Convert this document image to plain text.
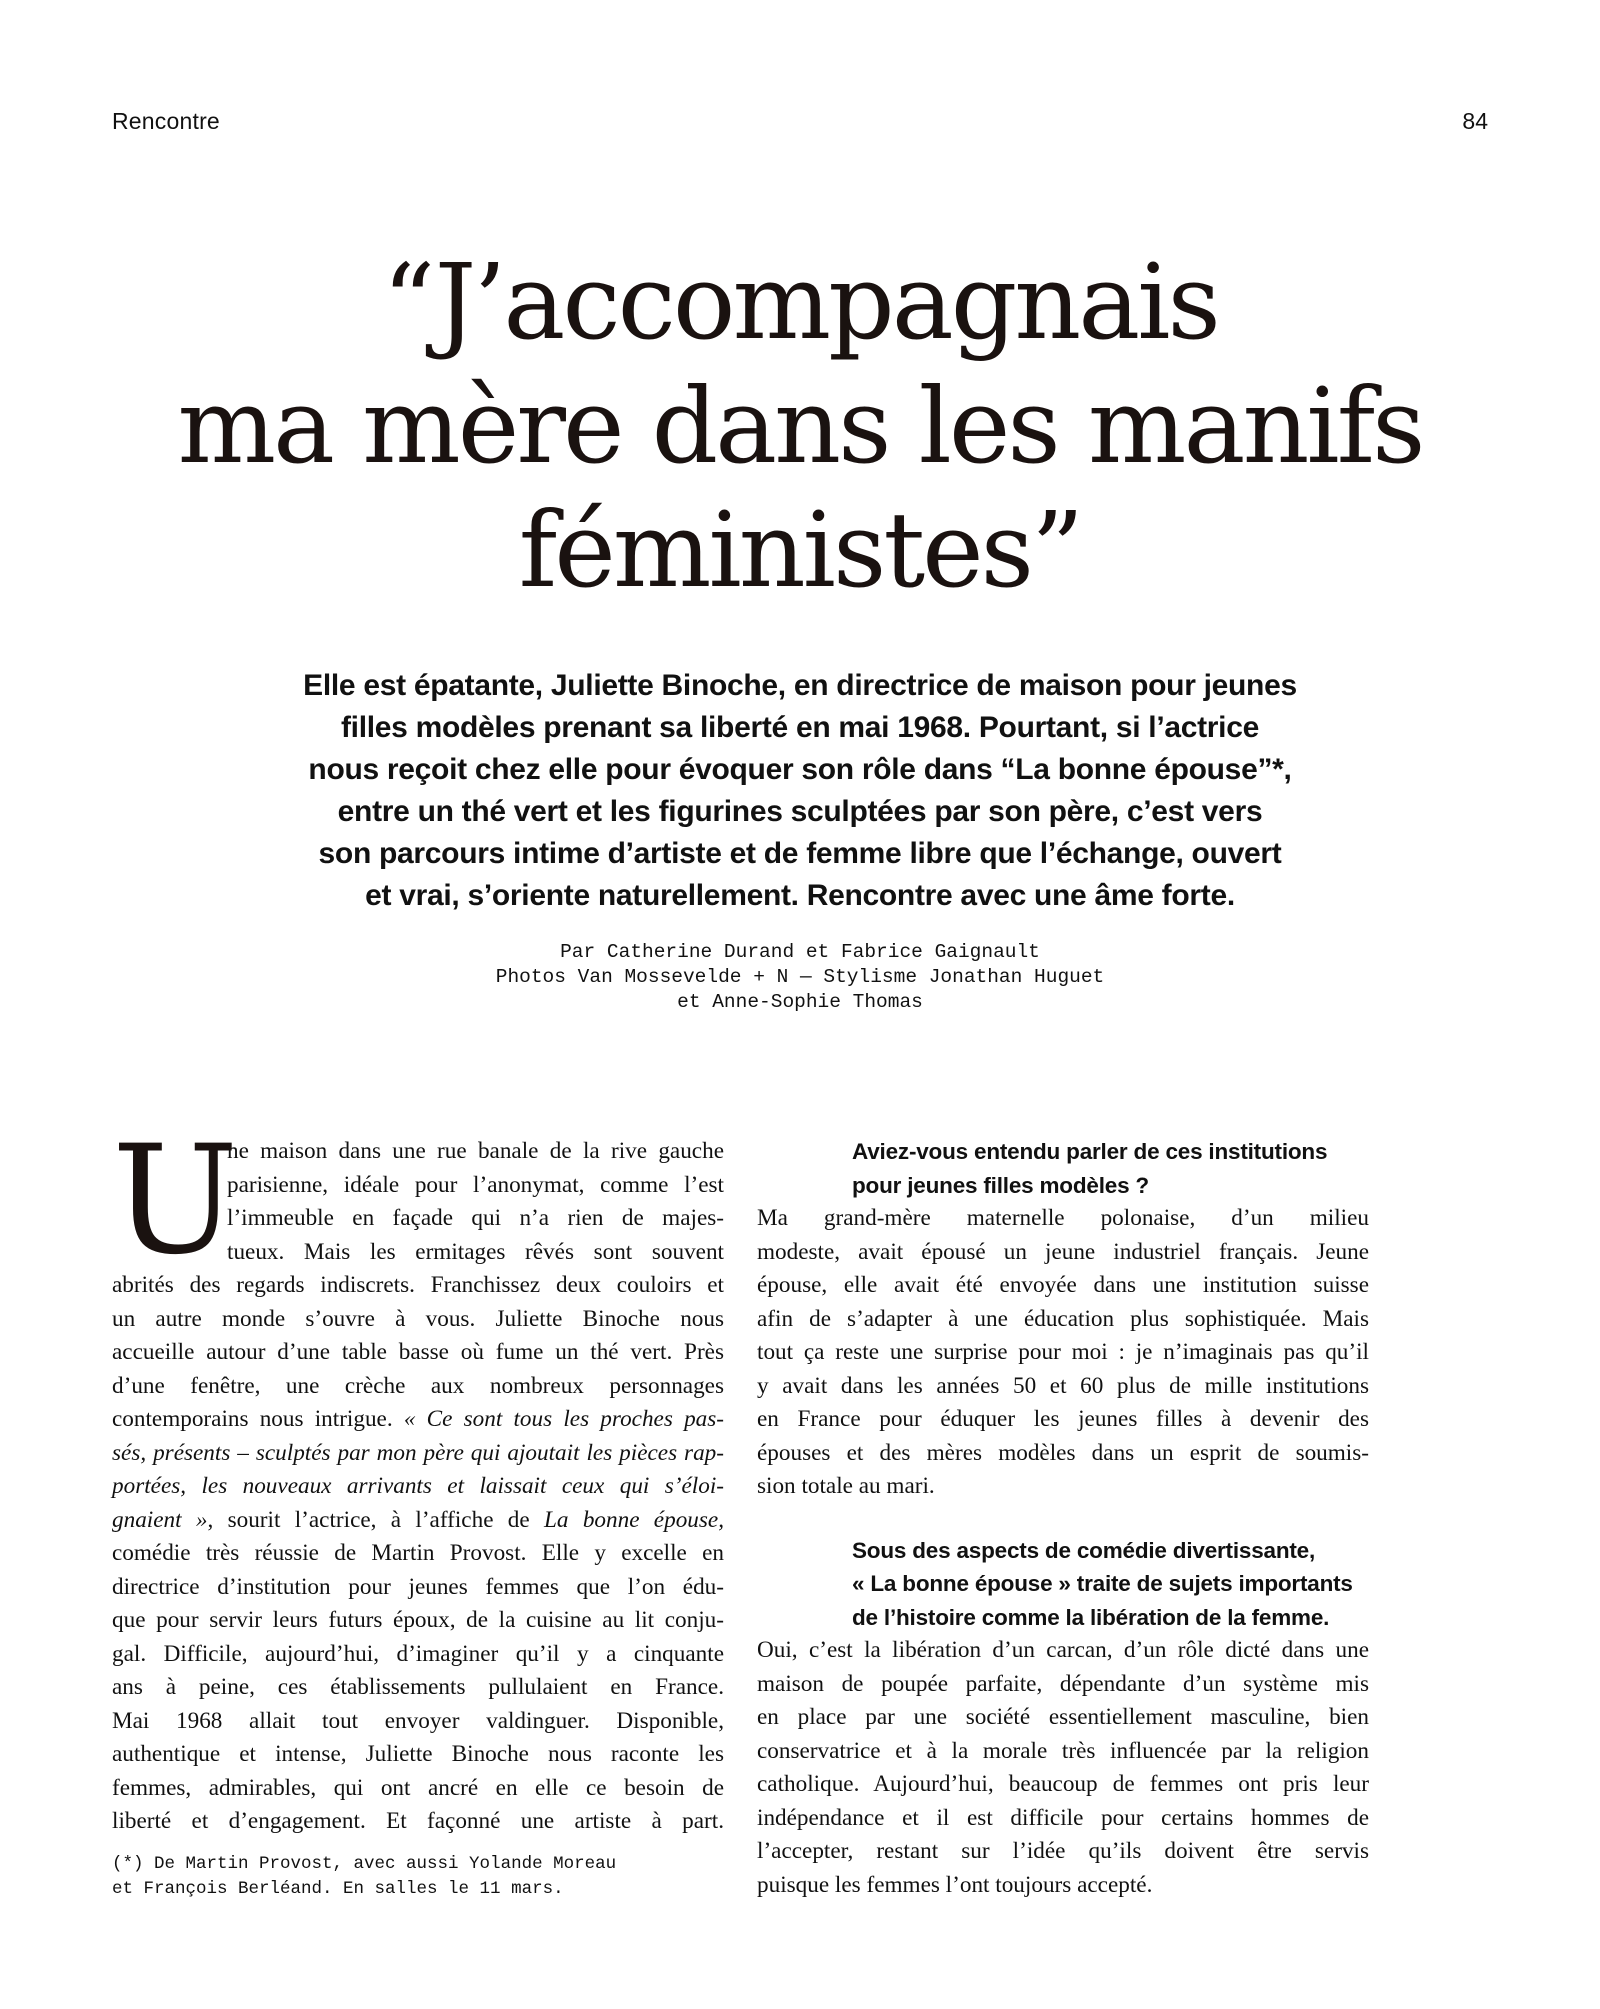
Rencontre	84
“J’accompagnais
ma mère dans les manifs
féministes”

Elle est épatante, Juliette Binoche, en directrice de maison pour jeunes
filles modèles prenant sa liberté en mai 1968. Pourtant, si l’actrice
nous reçoit chez elle pour évoquer son rôle dans “La bonne épouse”*,
entre un thé vert et les figurines sculptées par son père, c’est vers
son parcours intime d’artiste et de femme libre que l’échange, ouvert
et vrai, s’oriente naturellement. Rencontre avec une âme forte.

Par Catherine Durand et Fabrice Gaignault
Photos Van Mossevelde + N — Stylisme Jonathan Huguet
et Anne-Sophie Thomas
U
ne maison dans une rue banale de la rive gauche
parisienne, idéale pour l’anonymat, comme l’est
l’immeuble en façade qui n’a rien de majes-
tueux. Mais les ermitages rêvés sont souvent
abrités des regards indiscrets. Franchissez deux couloirs et
un autre monde s’ouvre à vous. Juliette Binoche nous
accueille autour d’une table basse où fume un thé vert. Près
d’une fenêtre, une crèche aux nombreux personnages
contemporains nous intrigue. « Ce sont tous les proches pas-
sés, présents – sculptés par mon père qui ajoutait les pièces rap-
portées, les nouveaux arrivants et laissait ceux qui s’éloi-
gnaient », sourit l’actrice, à l’affiche de La bonne épouse,
comédie très réussie de Martin Provost. Elle y excelle en
directrice d’institution pour jeunes femmes que l’on édu-
que pour servir leurs futurs époux, de la cuisine au lit conju-
gal. Difficile, aujourd’hui, d’imaginer qu’il y a cinquante
ans à peine, ces établissements pullulaient en France.
Mai 1968 allait tout envoyer valdinguer. Disponible,
authentique et intense, Juliette Binoche nous raconte les
femmes, admirables, qui ont ancré en elle ce besoin de
liberté et d’engagement. Et façonné une artiste à part.
(*) De Martin Provost, avec aussi Yolande Moreau
et François Berléand. En salles le 11 mars.
Aviez-vous entendu parler de ces institutions
pour jeunes filles modèles ?
Ma grand-mère maternelle polonaise, d’un milieu
modeste, avait épousé un jeune industriel français. Jeune
épouse, elle avait été envoyée dans une institution suisse
afin de s’adapter à une éducation plus sophistiquée. Mais
tout ça reste une surprise pour moi : je n’imaginais pas qu’il
y avait dans les années 50 et 60 plus de mille institutions
en France pour éduquer les jeunes filles à devenir des
épouses et des mères modèles dans un esprit de soumis-
sion totale au mari.
Sous des aspects de comédie divertissante,
« La bonne épouse » traite de sujets importants
de l’histoire comme la libération de la femme.
Oui, c’est la libération d’un carcan, d’un rôle dicté dans une
maison de poupée parfaite, dépendante d’un système mis
en place par une société essentiellement masculine, bien
conservatrice et à la morale très influencée par la religion
catholique. Aujourd’hui, beaucoup de femmes ont pris leur
indépendance et il est difficile pour certains hommes de
l’accepter, restant sur l’idée qu’ils doivent être servis
puisque les femmes l’ont toujours accepté.
